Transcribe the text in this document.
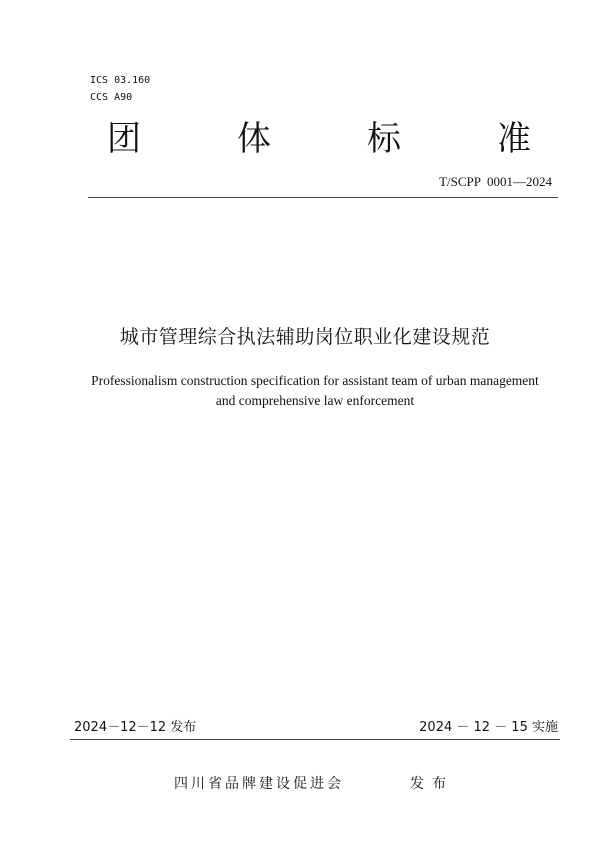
ICS 03.160
CCS A90
团	体	标	准
T/SCPP  0001—2024
城市管理综合执法辅助岗位职业化建设规范
Professionalism construction specification for assistant team of urban management
and comprehensive law enforcement
2024－12－12 发布	2024 － 12 － 15 实施
四川省品牌建设促进会	发布
